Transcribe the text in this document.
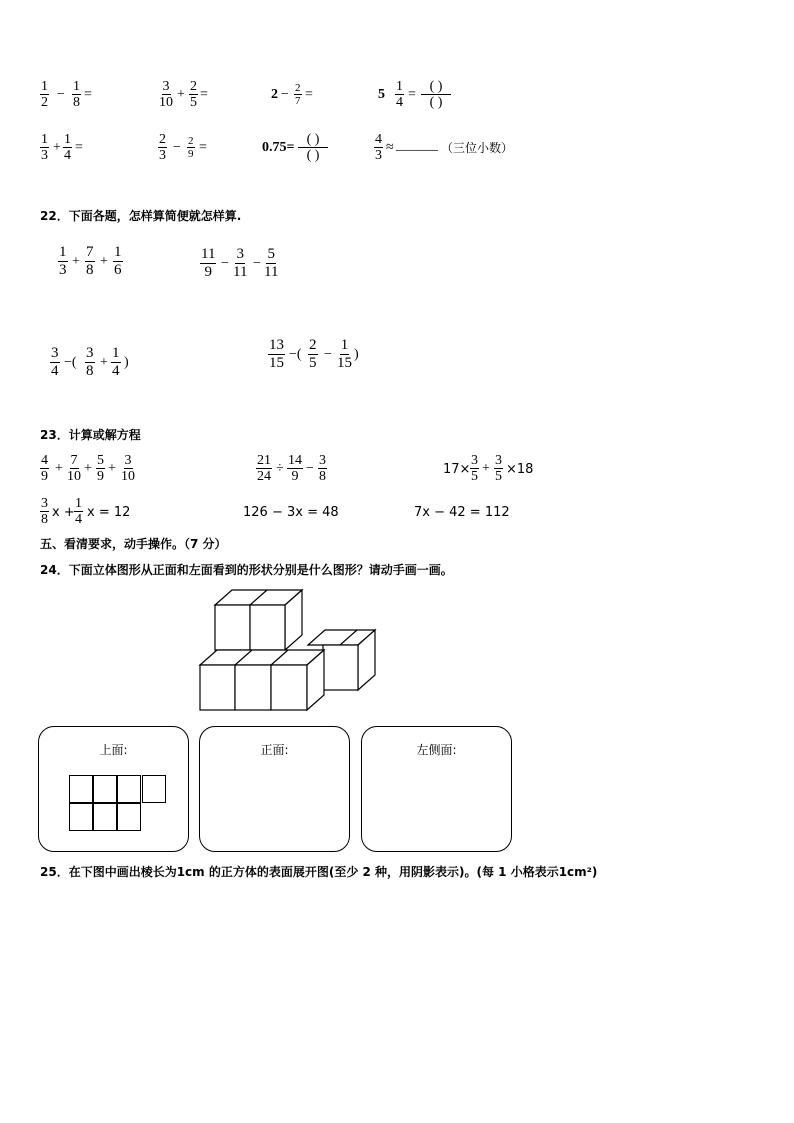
$\frac{1}{2} - \frac{1}{8}$ =	$\frac{3}{10} + \frac{2}{5}$ =	$2 - \frac{2}{7}$ =	$5 \frac{1}{4}$ =
( )
( )
$\frac{1}{3} + \frac{1}{4}$ =	$\frac{2}{3} - \frac{2}{9}$ =	0.75=
( )
( )	$\frac{4}{3}$ ≈ ______ （三位小数）
22．下面各题，怎样算简便就怎样算.
$\frac{1}{3} + \frac{7}{8} + \frac{1}{6}$	$\frac{11}{9} - \frac{3}{11} - \frac{5}{11}$
$\frac{3}{4}$ −( $\frac{3}{8} + \frac{1}{4}$ )	$\frac{13}{15}$ −( $\frac{2}{5} - \frac{1}{15}$ )
23．计算或解方程
$\frac{4}{9} + \frac{7}{10} + \frac{5}{9} + \frac{3}{10}$	$\frac{21}{24} \div \frac{14}{9} - \frac{3}{8}$	$17\times \frac{3}{5} + \frac{3}{5} \times 18$
$\frac{3}{8}$ $x + \frac{1}{4}$ x = 12	126 − 3x = 48	7x − 42 = 112
五、看清要求，动手操作。（7 分）
24．下面立体图形从正面和左面看到的形状分别是什么图形？请动手画一画。
上面:	正面:	左侧面:
25．在下图中画出棱长为1cm 的正方体的表面展开图(至少 2 种，用阴影表示)。(每 1 小格表示1cm²)
